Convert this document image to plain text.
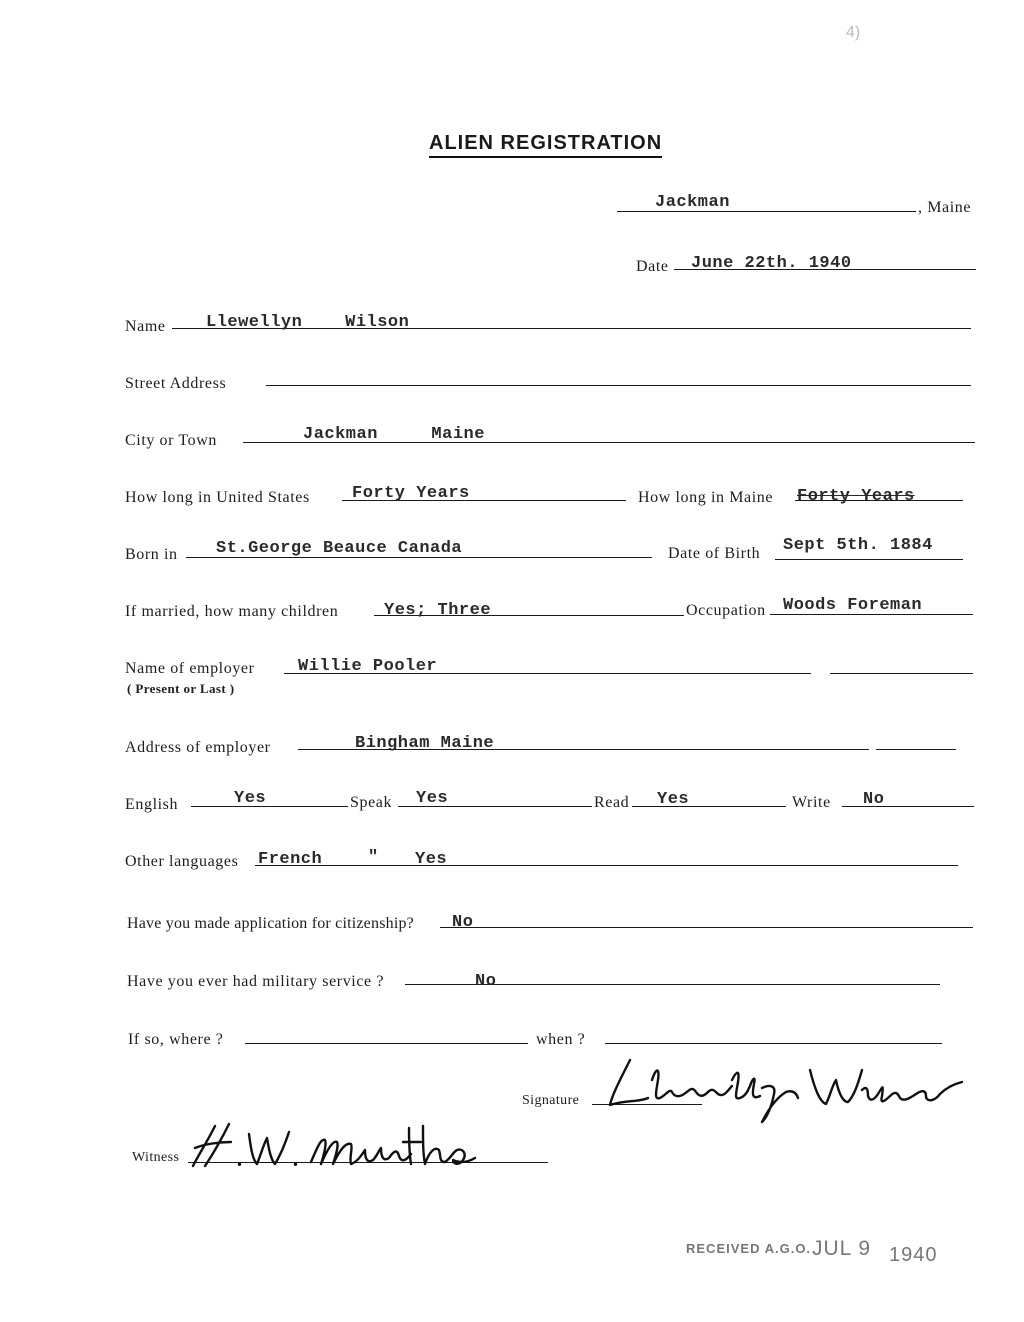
4)
ALIEN REGISTRATION
Jackman	, Maine
Date June 22th. 1940
Name Llewellyn    Wilson
Street Address
City or Town	Jackman     Maine
How long in United States Forty Years	How long in Maine Forty Years
Born in St.George Beauce Canada	Date of Birth Sept 5th. 1884
If married, how many children	Yes; Three	Occupation Woods Foreman
Name of employer
( Present or Last )
Willie Pooler
Address of employer	Bingham Maine
English	Yes	Speak Yes	Read Yes	Write No
Other languages French	" Yes
Have you made application for citizenship? No
Have you ever had military service ?	No
If so, where ?	when ?
Signature
Witness
RECEIVED A.G.O. JUL 9 1940
